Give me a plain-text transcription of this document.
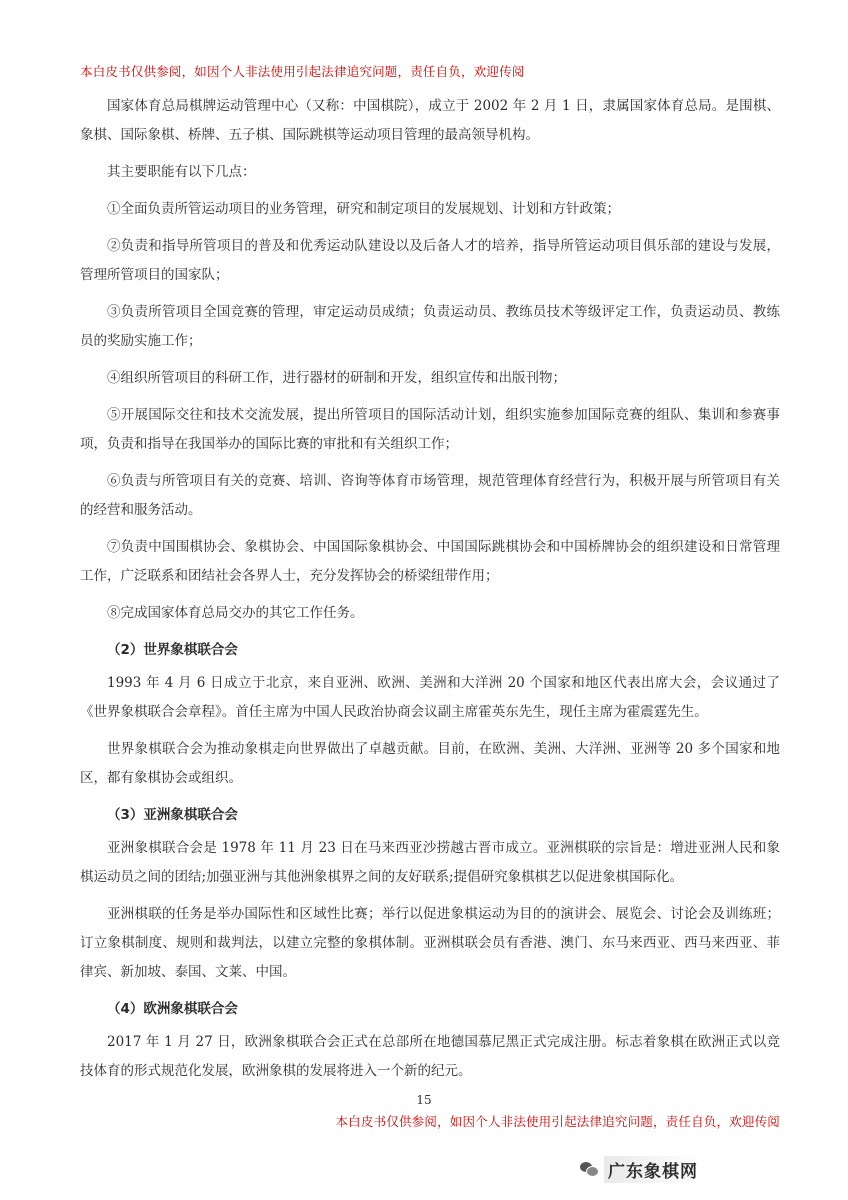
本白皮书仅供参阅，如因个人非法使用引起法律追究问题，责任自负，欢迎传阅

国家体育总局棋牌运动管理中心（又称：中国棋院），成立于 2002 年 2 月 1 日，隶属国家体育总局。是围棋、象棋、国际象棋、桥牌、五子棋、国际跳棋等运动项目管理的最高领导机构。

其主要职能有以下几点：

①全面负责所管运动项目的业务管理，研究和制定项目的发展规划、计划和方针政策；

②负责和指导所管项目的普及和优秀运动队建设以及后备人才的培养，指导所管运动项目俱乐部的建设与发展，管理所管项目的国家队；

③负责所管项目全国竞赛的管理，审定运动员成绩；负责运动员、教练员技术等级评定工作，负责运动员、教练员的奖励实施工作；

④组织所管项目的科研工作，进行器材的研制和开发，组织宣传和出版刊物；

⑤开展国际交往和技术交流发展，提出所管项目的国际活动计划，组织实施参加国际竞赛的组队、集训和参赛事项，负责和指导在我国举办的国际比赛的审批和有关组织工作；

⑥负责与所管项目有关的竞赛、培训、咨询等体育市场管理，规范管理体育经营行为，积极开展与所管项目有关的经营和服务活动。

⑦负责中国围棋协会、象棋协会、中国国际象棋协会、中国国际跳棋协会和中国桥牌协会的组织建设和日常管理工作，广泛联系和团结社会各界人士，充分发挥协会的桥梁纽带作用；

⑧完成国家体育总局交办的其它工作任务。

（2）世界象棋联合会

1993 年 4 月 6 日成立于北京，来自亚洲、欧洲、美洲和大洋洲 20 个国家和地区代表出席大会，会议通过了《世界象棋联合会章程》。首任主席为中国人民政治协商会议副主席霍英东先生，现任主席为霍震霆先生。

世界象棋联合会为推动象棋走向世界做出了卓越贡献。目前，在欧洲、美洲、大洋洲、亚洲等 20 多个国家和地区，都有象棋协会或组织。

（3）亚洲象棋联合会

亚洲象棋联合会是 1978 年 11 月 23 日在马来西亚沙捞越古晋市成立。亚洲棋联的宗旨是：增进亚洲人民和象棋运动员之间的团结;加强亚洲与其他洲象棋界之间的友好联系;提倡研究象棋棋艺以促进象棋国际化。

亚洲棋联的任务是举办国际性和区域性比赛；举行以促进象棋运动为目的的演讲会、展览会、讨论会及训练班；订立象棋制度、规则和裁判法，以建立完整的象棋体制。亚洲棋联会员有香港、澳门、东马来西亚、西马来西亚、菲律宾、新加坡、泰国、文莱、中国。

（4）欧洲象棋联合会

2017 年 1 月 27 日，欧洲象棋联合会正式在总部所在地德国慕尼黑正式完成注册。标志着象棋在欧洲正式以竞技体育的形式规范化发展，欧洲象棋的发展将进入一个新的纪元。

15
本白皮书仅供参阅，如因个人非法使用引起法律追究问题，责任自负，欢迎传阅
广东象棋网
